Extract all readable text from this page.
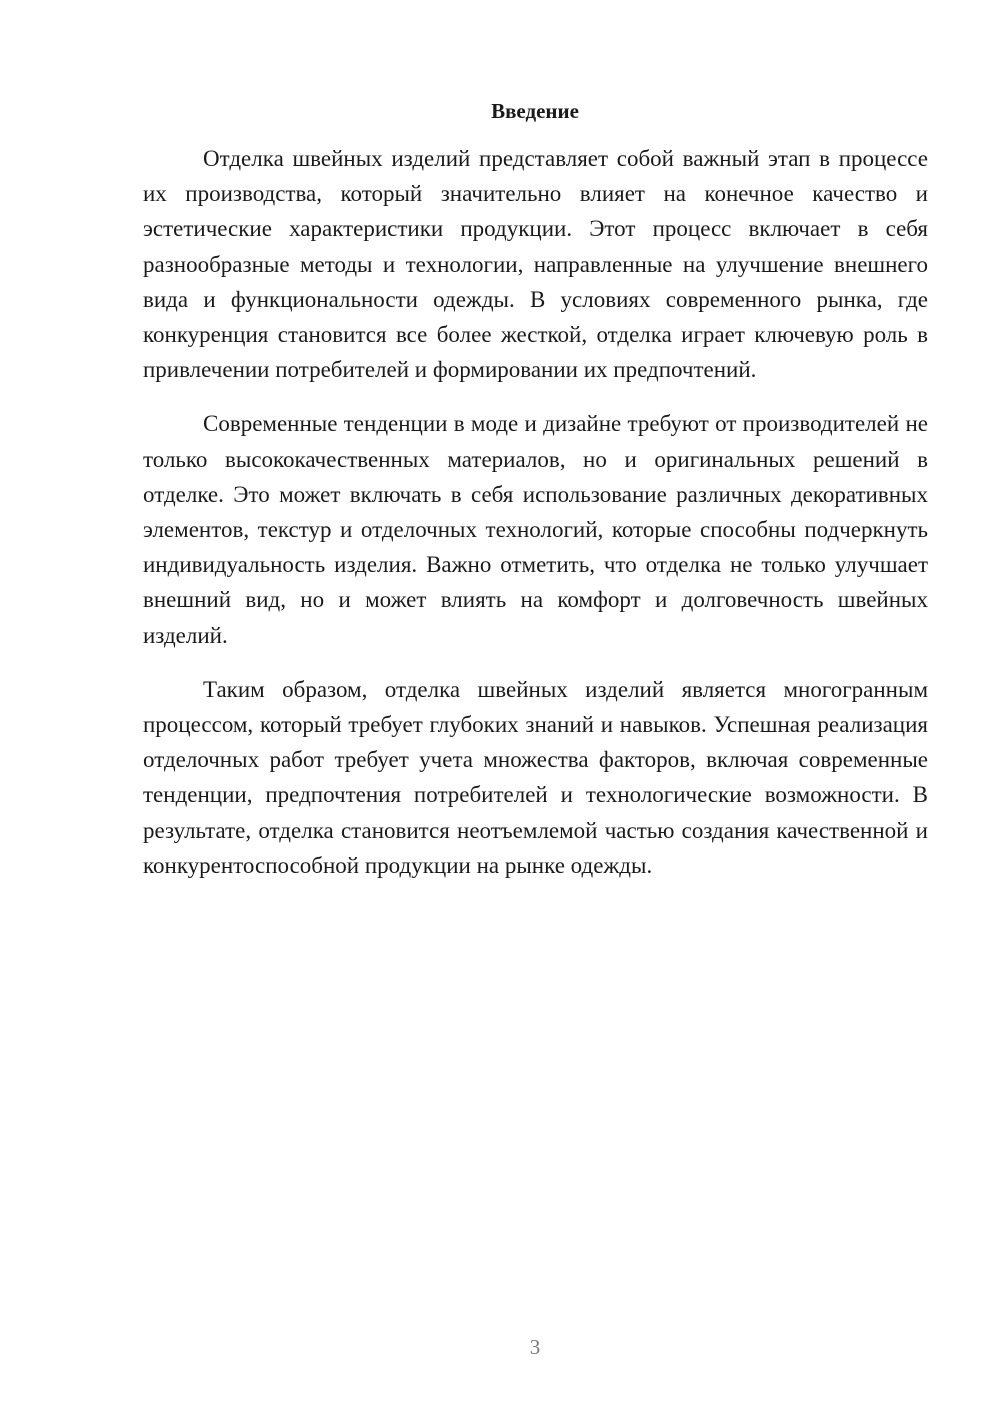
Введение

Отделка швейных изделий представляет собой важный этап в процессе их производства, который значительно влияет на конечное качество и эстетические характеристики продукции. Этот процесс включает в себя разнообразные методы и технологии, направленные на улучшение внешнего вида и функциональности одежды. В условиях современного рынка, где конкуренция становится все более жесткой, отделка играет ключевую роль в привлечении потребителей и формировании их предпочтений.

Современные тенденции в моде и дизайне требуют от производителей не только высококачественных материалов, но и оригинальных решений в отделке. Это может включать в себя использование различных декоративных элементов, текстур и отделочных технологий, которые способны подчеркнуть индивидуальность изделия. Важно отметить, что отделка не только улучшает внешний вид, но и может влиять на комфорт и долговечность швейных изделий.

Таким образом, отделка швейных изделий является многогранным процессом, который требует глубоких знаний и навыков. Успешная реализация отделочных работ требует учета множества факторов, включая современные тенденции, предпочтения потребителей и технологические возможности. В результате, отделка становится неотъемлемой частью создания качественной и конкурентоспособной продукции на рынке одежды.

3
